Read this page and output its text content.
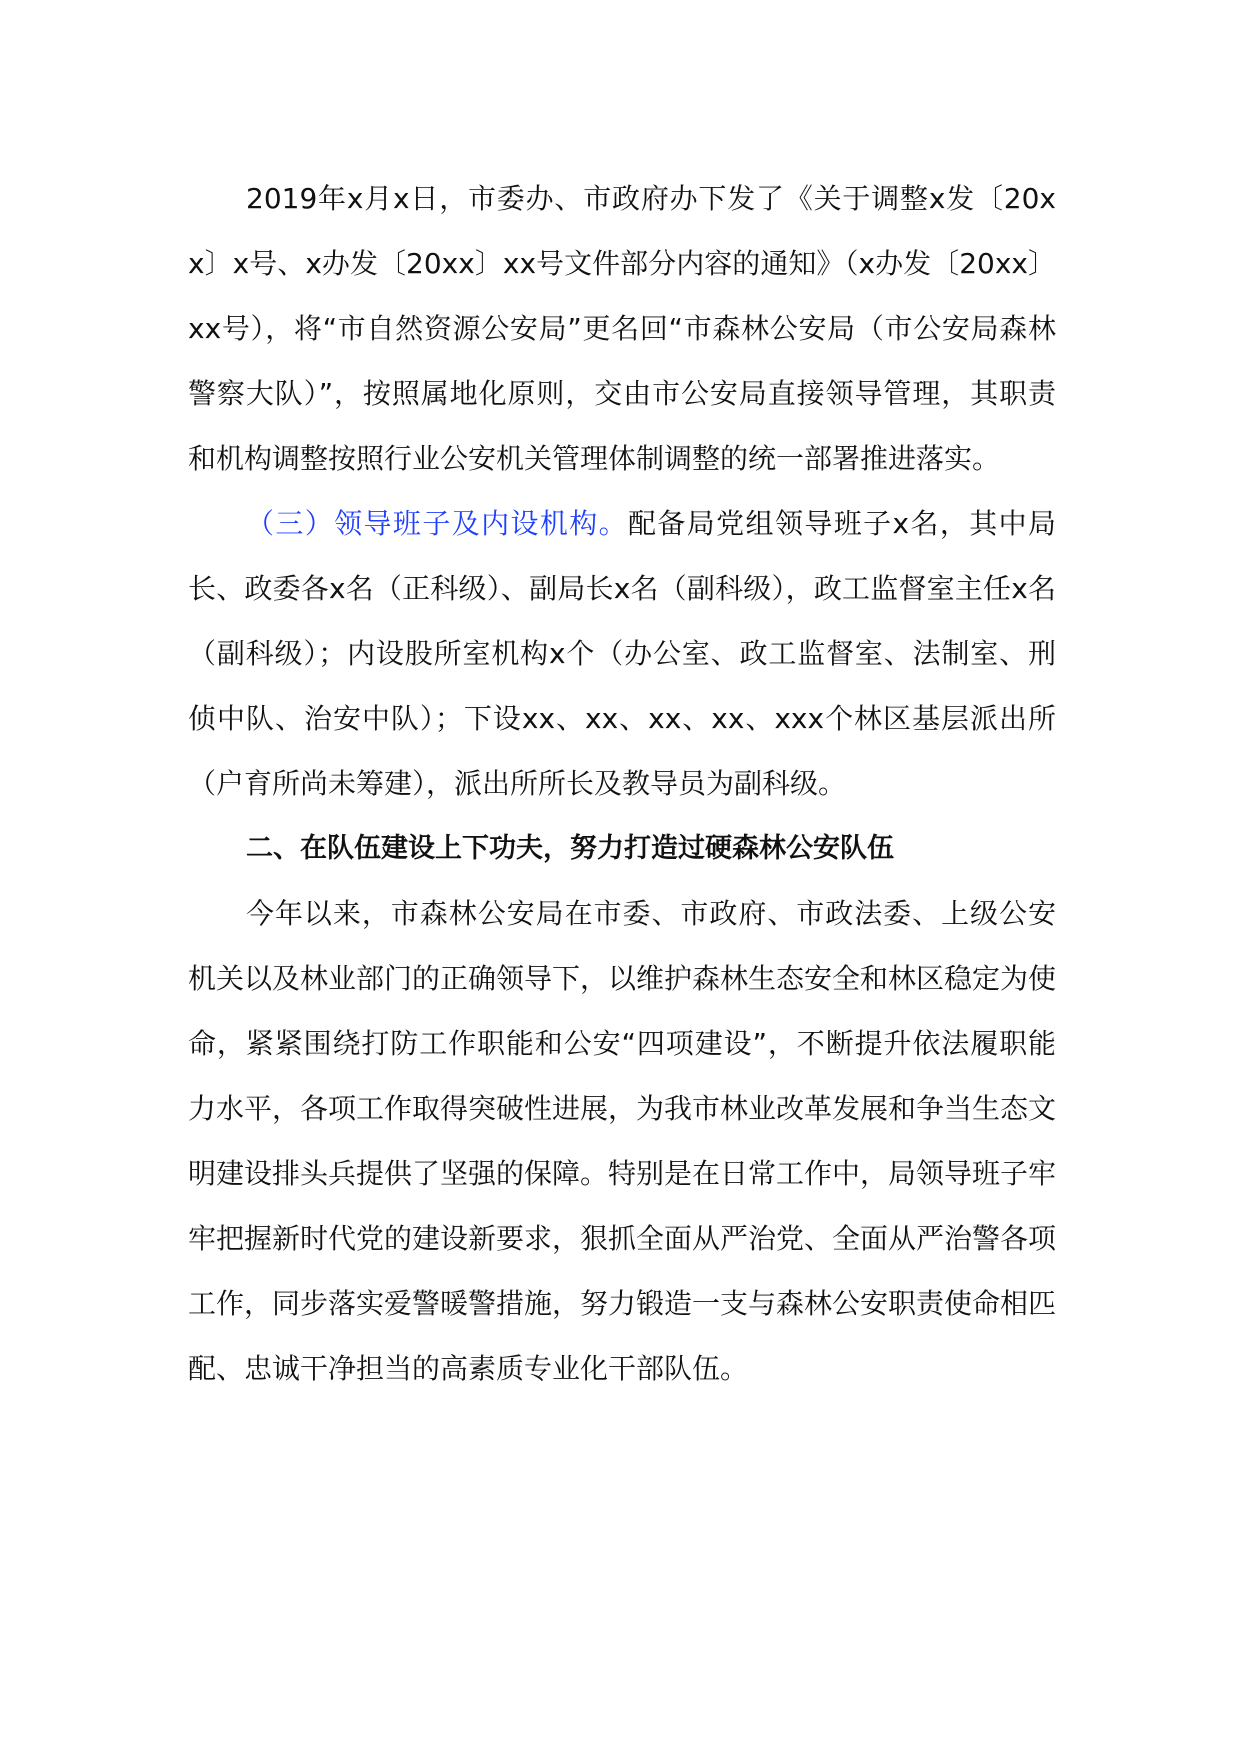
2019年x月x日，市委办、市政府办下发了《关于调整x发〔20xx〕x号、x办发〔20xx〕xx号文件部分内容的通知》（x办发〔20xx〕xx号），将“市自然资源公安局”更名回“市森林公安局（市公安局森林警察大队）”，按照属地化原则，交由市公安局直接领导管理，其职责和机构调整按照行业公安机关管理体制调整的统一部署推进落实。

（三）领导班子及内设机构。配备局党组领导班子x名，其中局长、政委各x名（正科级）、副局长x名（副科级），政工监督室主任x名（副科级）；内设股所室机构x个（办公室、政工监督室、法制室、刑侦中队、治安中队）；下设xx、xx、xx、xx、xxx个林区基层派出所（户育所尚未筹建），派出所所长及教导员为副科级。

二、在队伍建设上下功夫，努力打造过硬森林公安队伍

今年以来，市森林公安局在市委、市政府、市政法委、上级公安机关以及林业部门的正确领导下，以维护森林生态安全和林区稳定为使命，紧紧围绕打防工作职能和公安“四项建设”，不断提升依法履职能力水平，各项工作取得突破性进展，为我市林业改革发展和争当生态文明建设排头兵提供了坚强的保障。特别是在日常工作中，局领导班子牢牢把握新时代党的建设新要求，狠抓全面从严治党、全面从严治警各项工作，同步落实爱警暖警措施，努力锻造一支与森林公安职责使命相匹配、忠诚干净担当的高素质专业化干部队伍。
